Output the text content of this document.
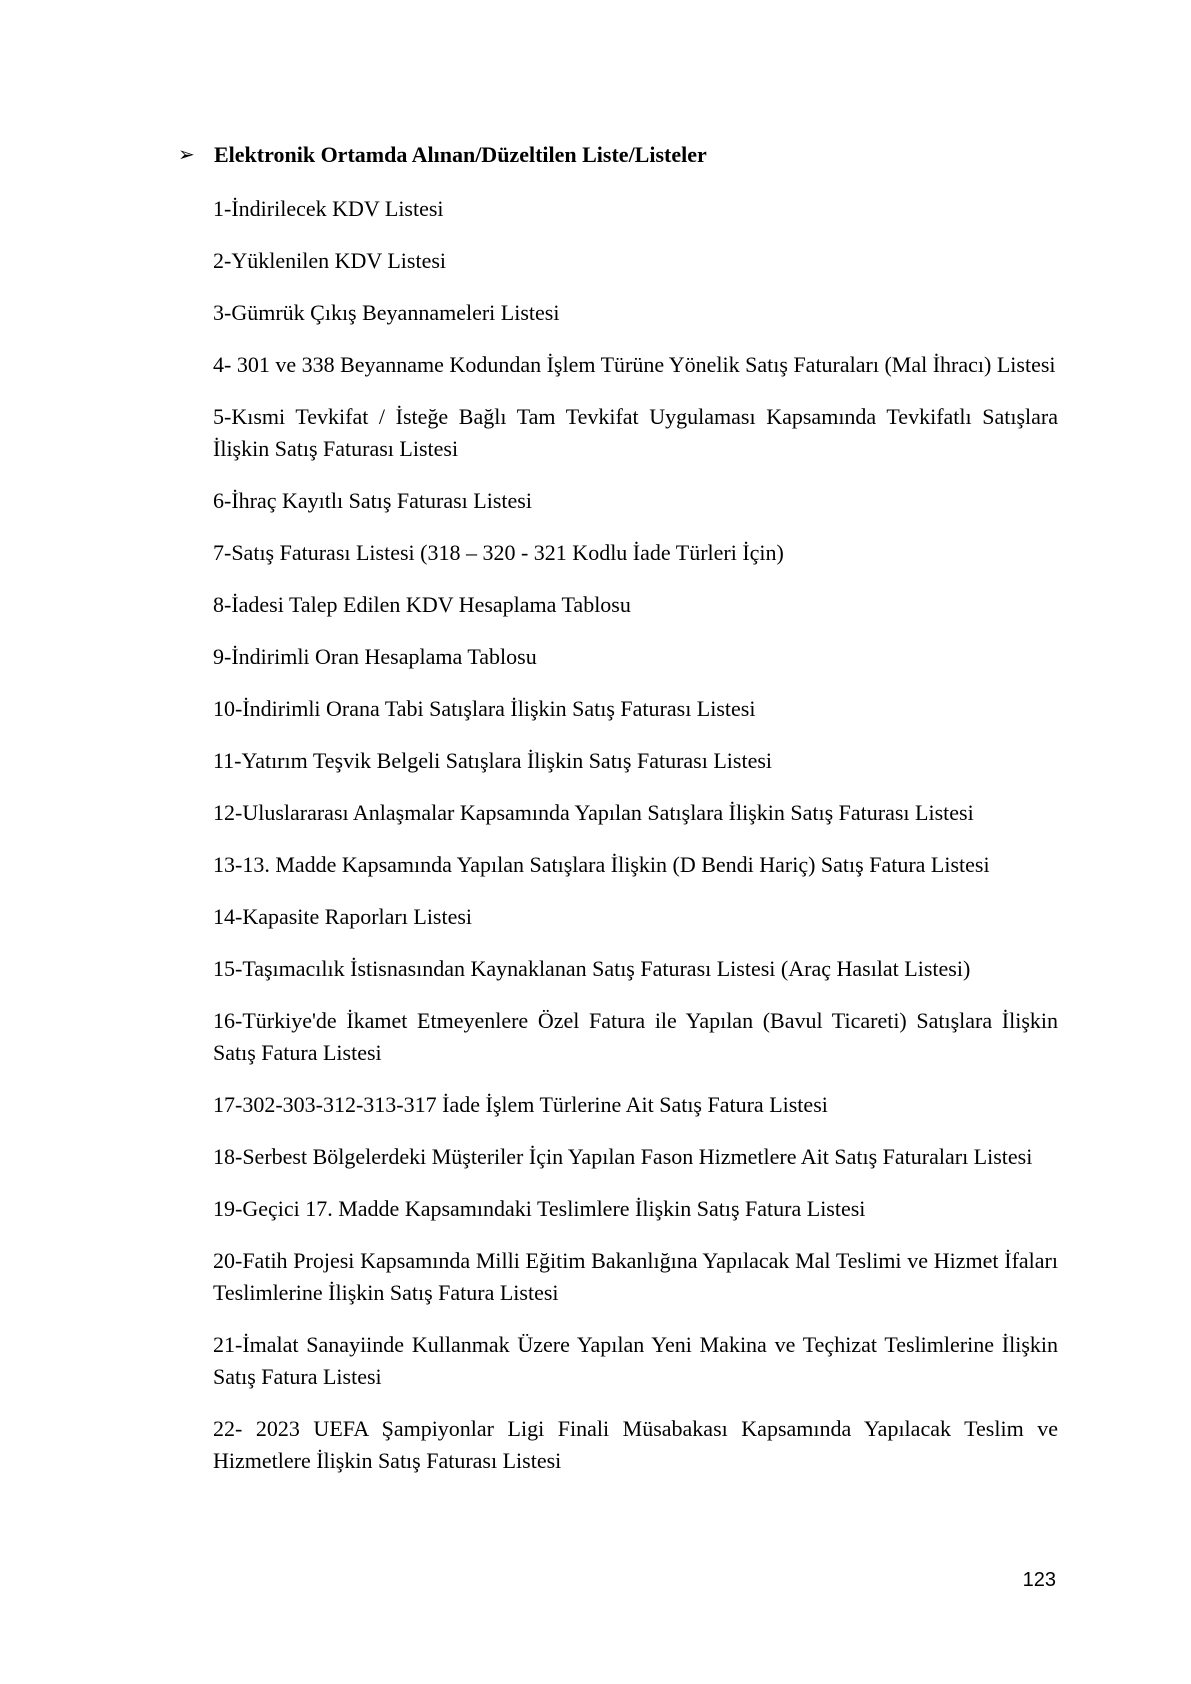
➢ Elektronik Ortamda Alınan/Düzeltilen Liste/Listeler
1-İndirilecek KDV Listesi
2-Yüklenilen KDV Listesi
3-Gümrük Çıkış Beyannameleri Listesi
4- 301 ve 338 Beyanname Kodundan İşlem Türüne Yönelik Satış Faturaları (Mal İhracı) Listesi
5-Kısmi Tevkifat / İsteğe Bağlı Tam Tevkifat Uygulaması Kapsamında Tevkifatlı Satışlara İlişkin Satış Faturası Listesi
6-İhraç Kayıtlı Satış Faturası Listesi
7-Satış Faturası Listesi (318 – 320 - 321 Kodlu İade Türleri İçin)
8-İadesi Talep Edilen KDV Hesaplama Tablosu
9-İndirimli Oran Hesaplama Tablosu
10-İndirimli Orana Tabi Satışlara İlişkin Satış Faturası Listesi
11-Yatırım Teşvik Belgeli Satışlara İlişkin Satış Faturası Listesi
12-Uluslararası Anlaşmalar Kapsamında Yapılan Satışlara İlişkin Satış Faturası Listesi
13-13. Madde Kapsamında Yapılan Satışlara İlişkin (D Bendi Hariç) Satış Fatura Listesi
14-Kapasite Raporları Listesi
15-Taşımacılık İstisnasından Kaynaklanan Satış Faturası Listesi (Araç Hasılat Listesi)
16-Türkiye'de İkamet Etmeyenlere Özel Fatura ile Yapılan (Bavul Ticareti) Satışlara İlişkin Satış Fatura Listesi
17-302-303-312-313-317 İade İşlem Türlerine Ait Satış Fatura Listesi
18-Serbest Bölgelerdeki Müşteriler İçin Yapılan Fason Hizmetlere Ait Satış Faturaları Listesi
19-Geçici 17. Madde Kapsamındaki Teslimlere İlişkin Satış Fatura Listesi
20-Fatih Projesi Kapsamında Milli Eğitim Bakanlığına Yapılacak Mal Teslimi ve Hizmet İfaları Teslimlerine İlişkin Satış Fatura Listesi
21-İmalat Sanayiinde Kullanmak Üzere Yapılan Yeni Makina ve Teçhizat Teslimlerine İlişkin Satış Fatura Listesi
22- 2023 UEFA Şampiyonlar Ligi Finali Müsabakası Kapsamında Yapılacak Teslim ve Hizmetlere İlişkin Satış Faturası Listesi
123
